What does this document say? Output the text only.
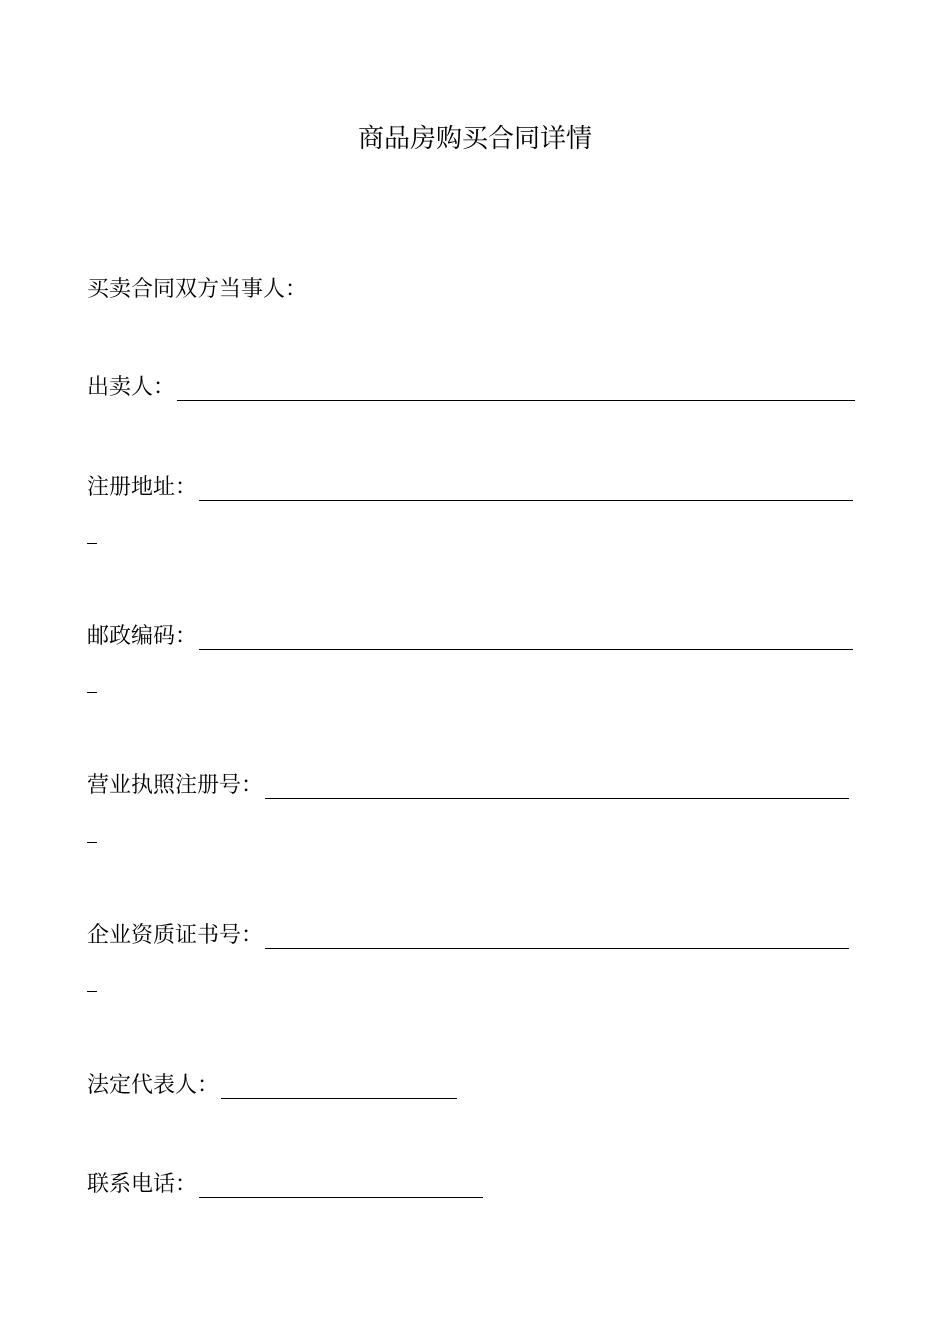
商品房购买合同详情
买卖合同双方当事人：
出卖人：
注册地址：
邮政编码：
营业执照注册号：
企业资质证书号：
法定代表人：
联系电话：
